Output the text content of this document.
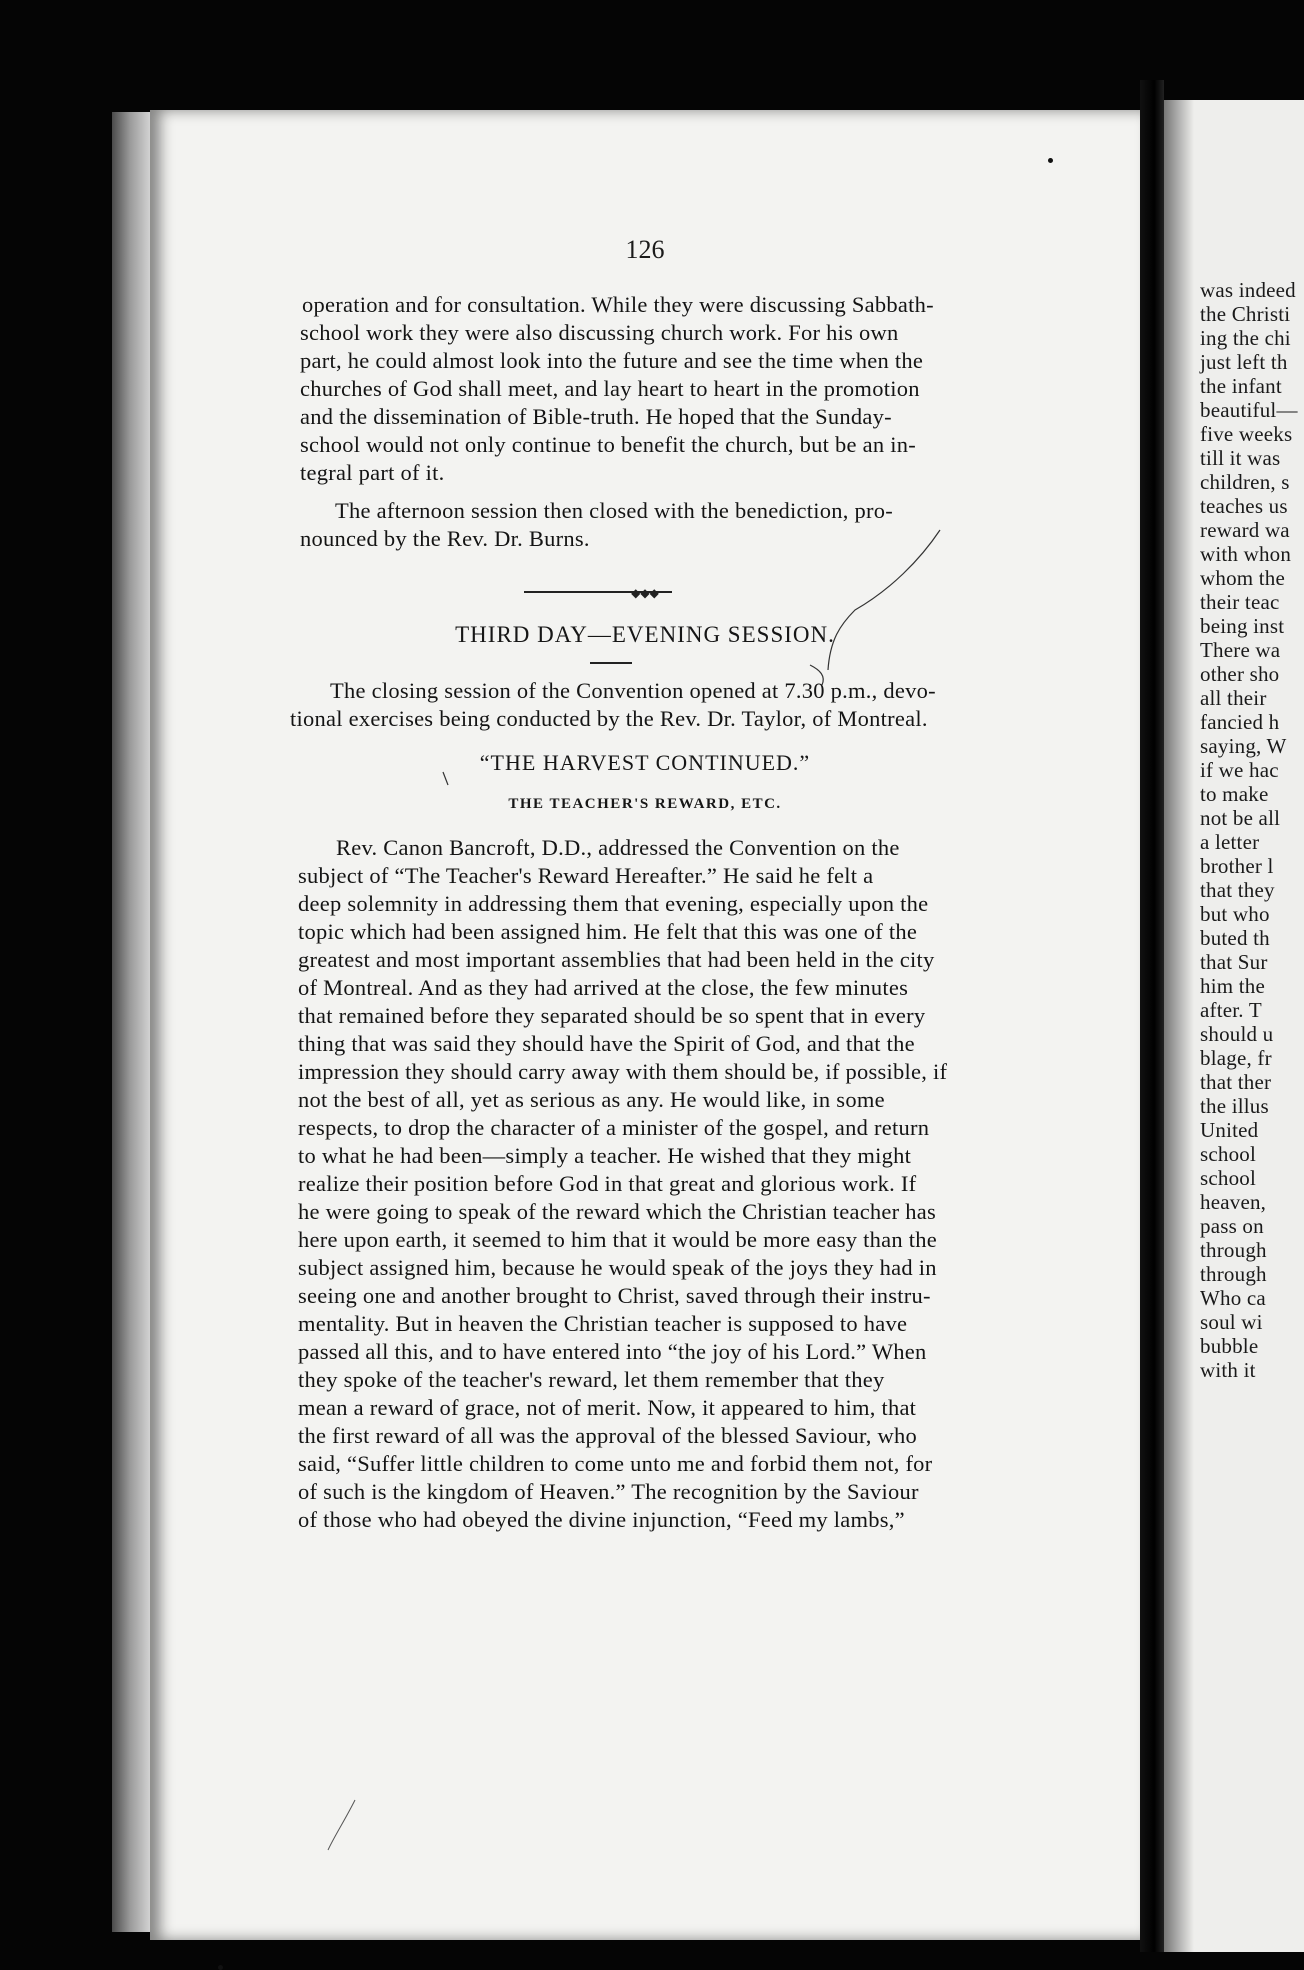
126
operation and for consultation. While they were discussing Sabbath-
school work they were also discussing church work. For his own
part, he could almost look into the future and see the time when the
churches of God shall meet, and lay heart to heart in the promotion
and the dissemination of Bible-truth. He hoped that the Sunday-
school would not only continue to benefit the church, but be an in-
tegral part of it.
The afternoon session then closed with the benediction, pro-
nounced by the Rev. Dr. Burns.
◆◆◆
THIRD DAY—EVENING SESSION.
The closing session of the Convention opened at 7.30 p.m., devo-
tional exercises being conducted by the Rev. Dr. Taylor, of Montreal.
“THE HARVEST CONTINUED.”
THE TEACHER'S REWARD, ETC.
Rev. Canon Bancroft, D.D., addressed the Convention on the
subject of “The Teacher's Reward Hereafter.” He said he felt a
deep solemnity in addressing them that evening, especially upon the
topic which had been assigned him. He felt that this was one of the
greatest and most important assemblies that had been held in the city
of Montreal. And as they had arrived at the close, the few minutes
that remained before they separated should be so spent that in every
thing that was said they should have the Spirit of God, and that the
impression they should carry away with them should be, if possible, if
not the best of all, yet as serious as any. He would like, in some
respects, to drop the character of a minister of the gospel, and return
to what he had been—simply a teacher. He wished that they might
realize their position before God in that great and glorious work. If
he were going to speak of the reward which the Christian teacher has
here upon earth, it seemed to him that it would be more easy than the
subject assigned him, because he would speak of the joys they had in
seeing one and another brought to Christ, saved through their instru-
mentality. But in heaven the Christian teacher is supposed to have
passed all this, and to have entered into “the joy of his Lord.” When
they spoke of the teacher's reward, let them remember that they
mean a reward of grace, not of merit. Now, it appeared to him, that
the first reward of all was the approval of the blessed Saviour, who
said, “Suffer little children to come unto me and forbid them not, for
of such is the kingdom of Heaven.” The recognition by the Saviour
of those who had obeyed the divine injunction, “Feed my lambs,”
was indeed
the Christi
ing the chi
just left th
the infant
beautiful—
five weeks
till it was
children, s
teaches us
reward wa
with whon
whom the
their teac
being inst
There wa
other sho
all their
fancied h
saying, W
if we hac
to make
not be all
a letter
brother l
that they
but who
buted th
that Sur
him the
after. T
should u
blage, fr
that ther
the illus
United
school
school
heaven,
pass on
through
through
Who ca
soul wi
bubble
with it
